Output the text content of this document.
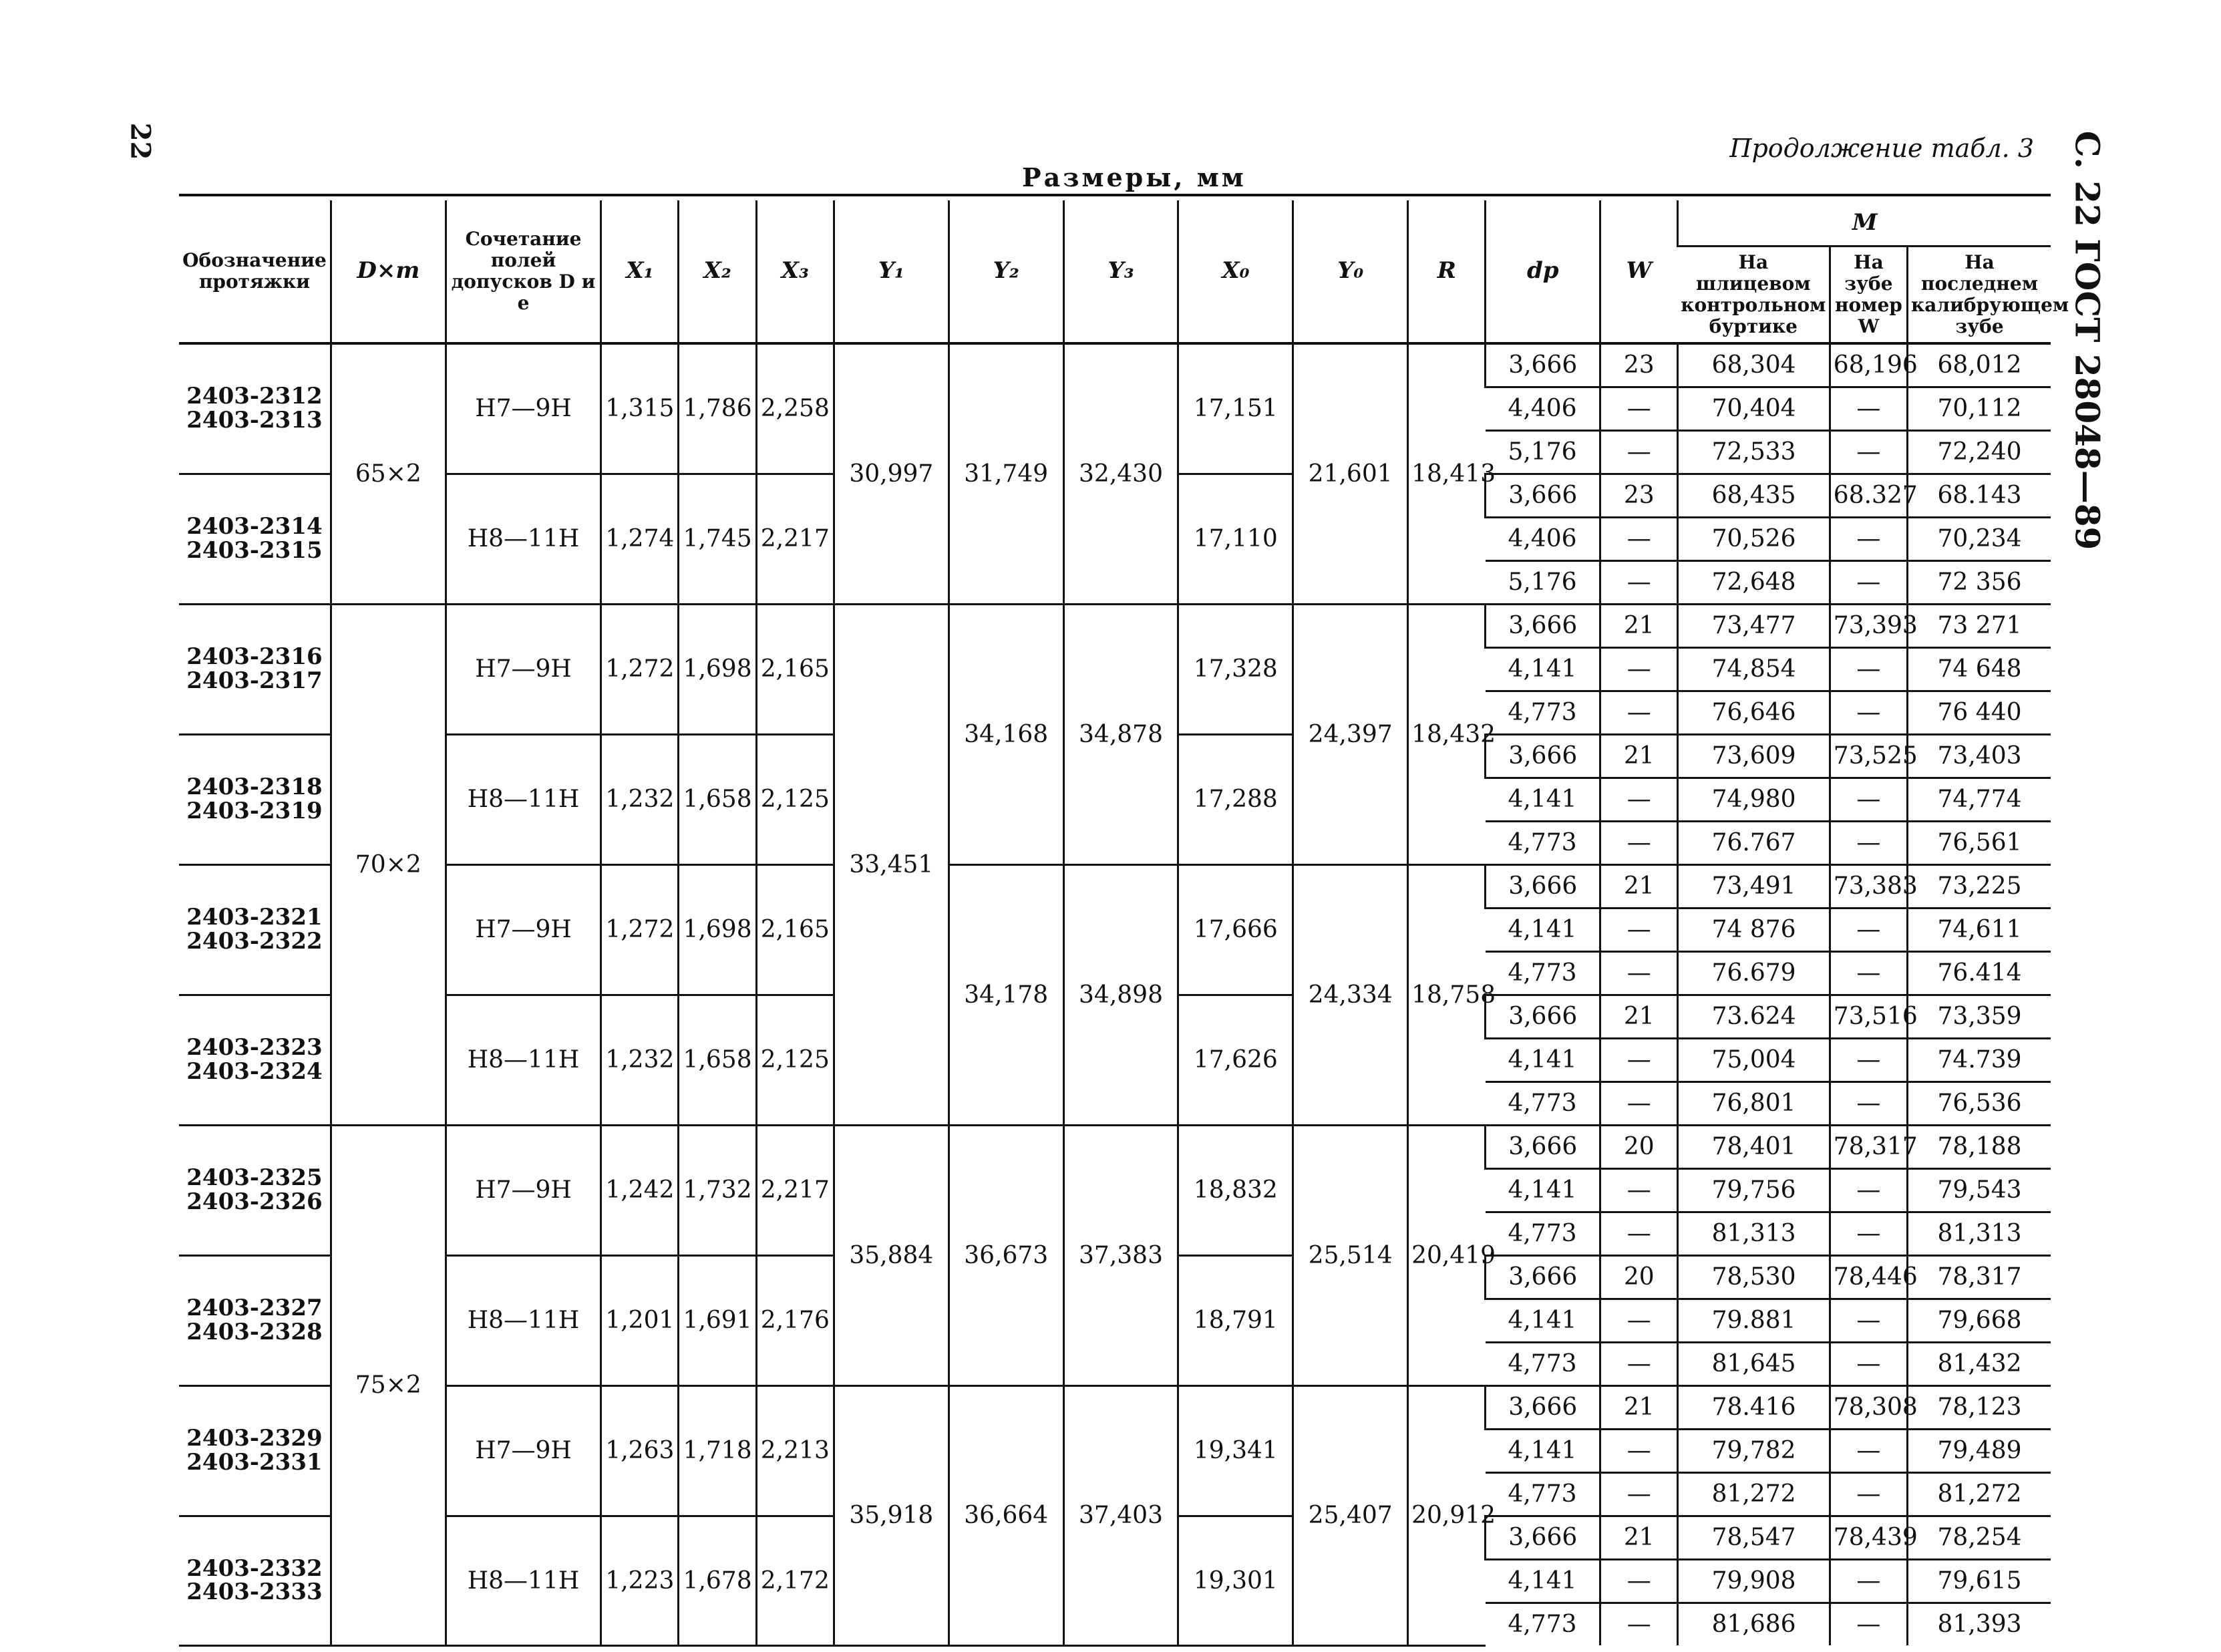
22	С. 22 ГОСТ 28048—89
Продолжение табл. 3
Размеры, мм
Обозначение протяжки	D×m	Сочетание полей допусков D и e	X₁	X₂	X₃	Y₁	Y₂	Y₃	X₀	Y₀	R	dp	W	M		
														На шлицевом контрольном буртике	На зубе номер W	На последнем калибрующем зубе
2403-2312 2403-2313	65×2	H7—9H	1,315	1,786	2,258	30,997	31,749	32,430	17,151	21,601	18,413	3,666	23	68,304	68,196	68,012
												4,406	—	70,404	—	70,112
												5,176	—	72,533	—	72,240
2403-2314 2403-2315		H8—11H	1,274	1,745	2,217				17,110			3,666	23	68,435	68.327	68.143
												4,406	—	70,526	—	70,234
												5,176	—	72,648	—	72 356
2403-2316 2403-2317	70×2	H7—9H	1,272	1,698	2,165	33,451	34,168	34,878	17,328	24,397	18,432	3,666	21	73,477	73,393	73 271
												4,141	—	74,854	—	74 648
												4,773	—	76,646	—	76 440
2403-2318 2403-2319		H8—11H	1,232	1,658	2,125				17,288			3,666	21	73,609	73,525	73,403
												4,141	—	74,980	—	74,774
												4,773	—	76.767	—	76,561
2403-2321 2403-2322		H7—9H	1,272	1,698	2,165		34,178	34,898	17,666	24,334	18,758	3,666	21	73,491	73,383	73,225
												4,141	—	74 876	—	74,611
												4,773	—	76.679	—	76.414
2403-2323 2403-2324		H8—11H	1,232	1,658	2,125				17,626			3,666	21	73.624	73,516	73,359
												4,141	—	75,004	—	74.739
												4,773	—	76,801	—	76,536
2403-2325 2403-2326	75×2	H7—9H	1,242	1,732	2,217	35,884	36,673	37,383	18,832	25,514	20,419	3,666	20	78,401	78,317	78,188
												4,141	—	79,756	—	79,543
												4,773	—	81,313	—	81,313
2403-2327 2403-2328		H8—11H	1,201	1,691	2,176				18,791			3,666	20	78,530	78,446	78,317
												4,141	—	79.881	—	79,668
												4,773	—	81,645	—	81,432
2403-2329 2403-2331		H7—9H	1,263	1,718	2,213	35,918	36,664	37,403	19,341	25,407	20,912	3,666	21	78.416	78,308	78,123
												4,141	—	79,782	—	79,489
												4,773	—	81,272	—	81,272
2403-2332 2403-2333		H8—11H	1,223	1,678	2,172				19,301			3,666	21	78,547	78,439	78,254
												4,141	—	79,908	—	79,615
												4,773	—	81,686	—	81,393
